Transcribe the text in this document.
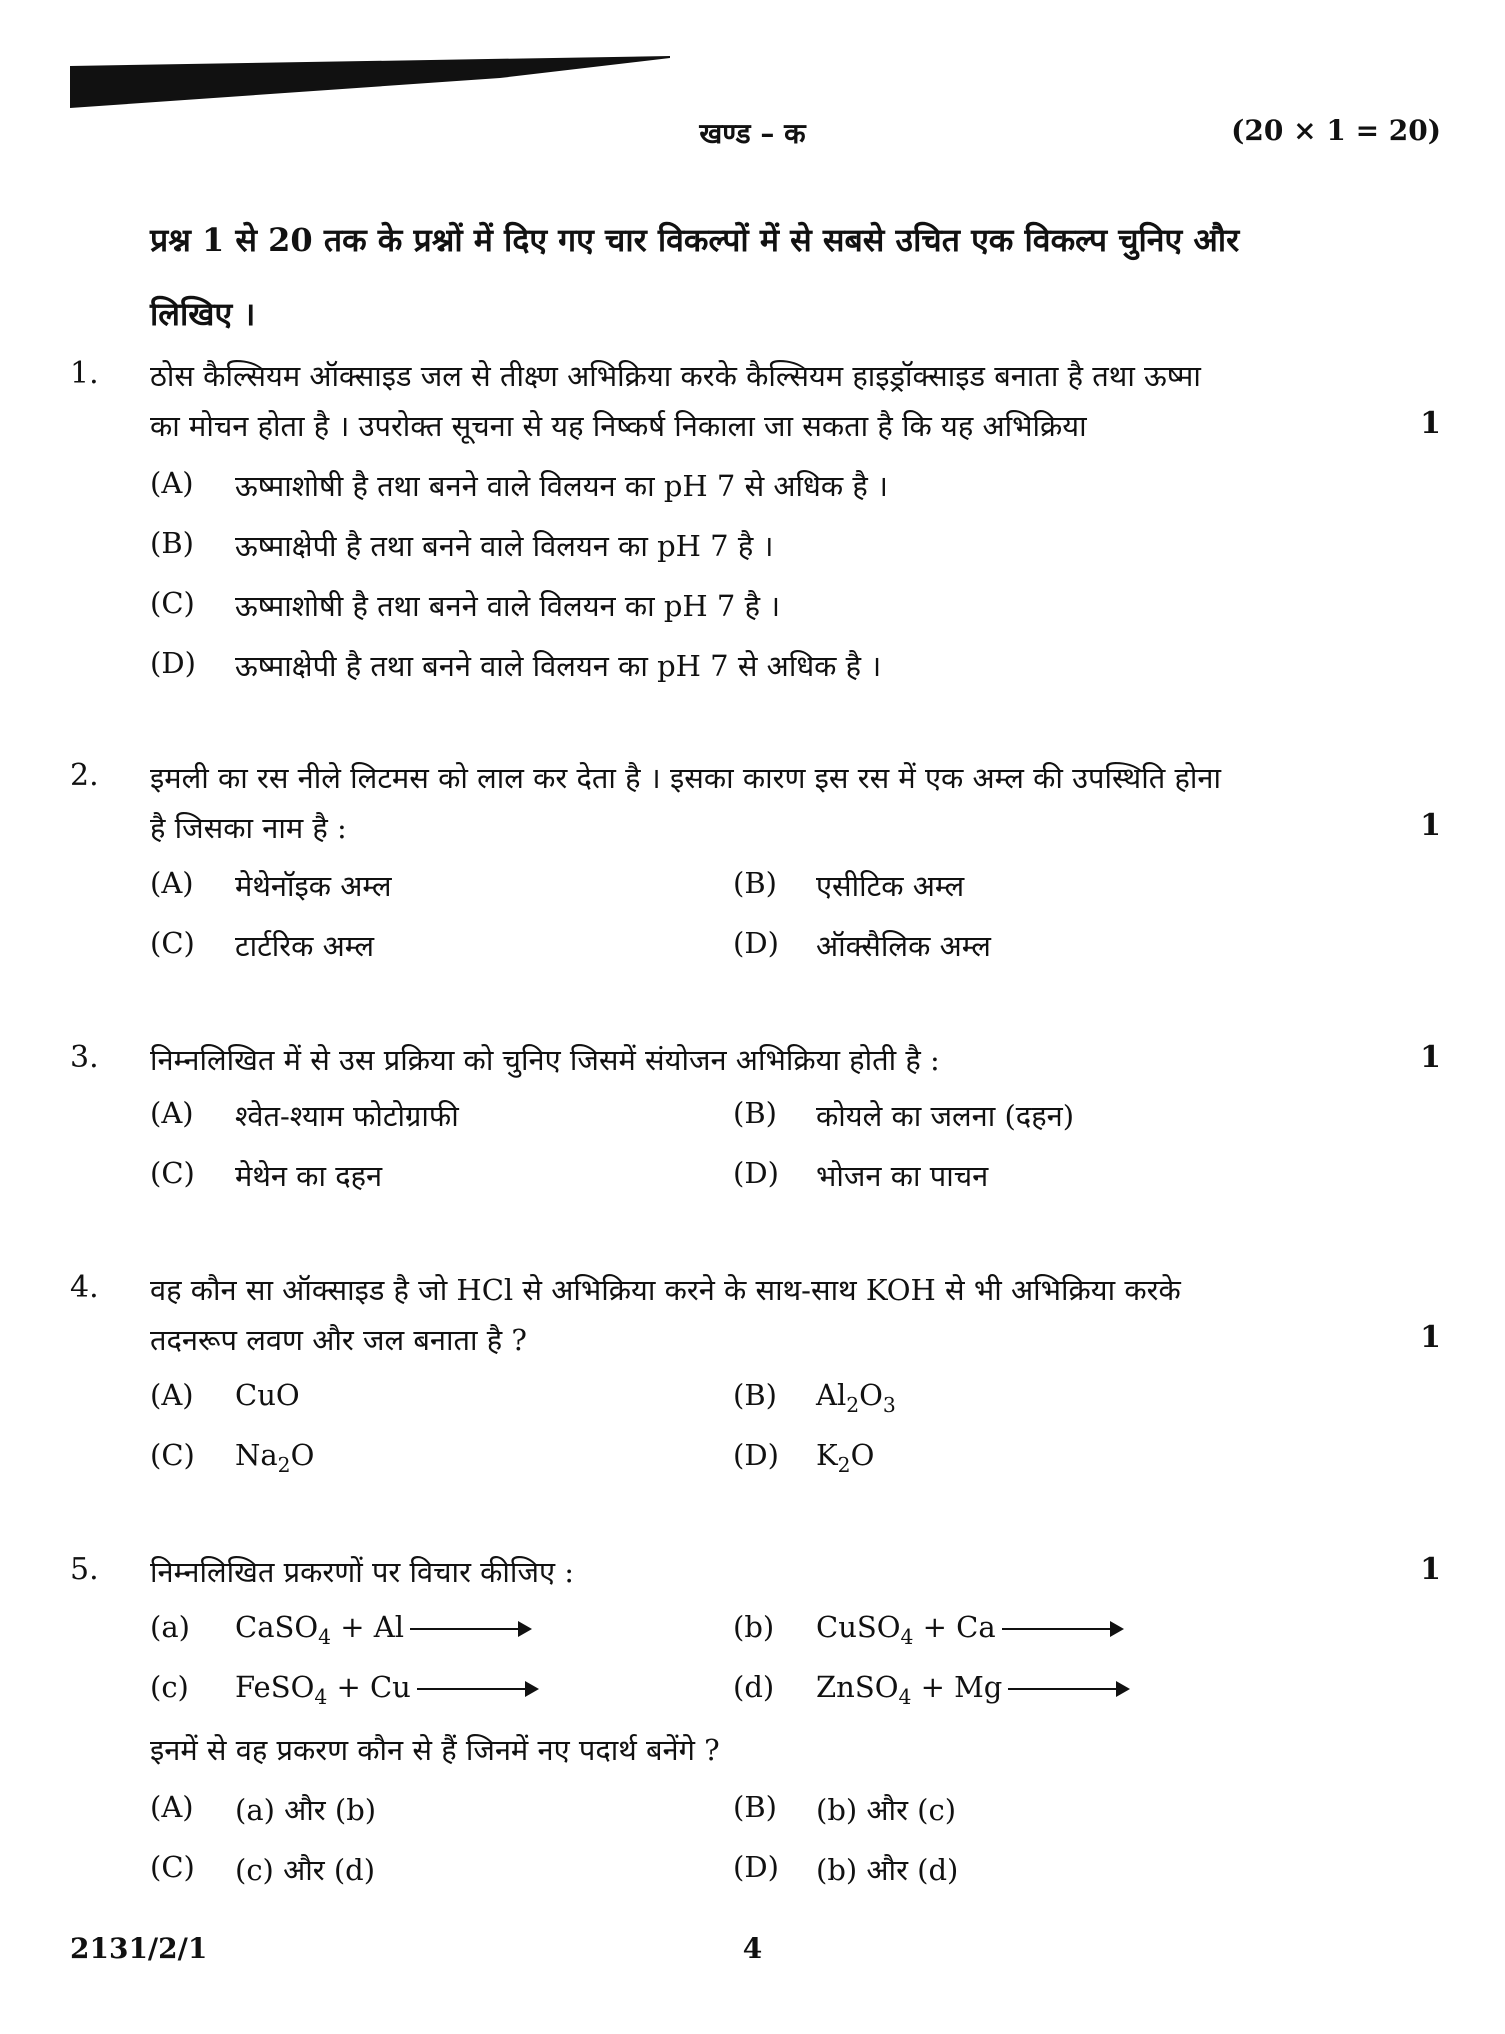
खण्ड – क	(20 × 1 = 20)
प्रश्न 1 से 20 तक के प्रश्नों में दिए गए चार विकल्पों में से सबसे उचित एक विकल्प चुनिए और
लिखिए ।
1. ठोस कैल्सियम ऑक्साइड जल से तीक्ष्ण अभिक्रिया करके कैल्सियम हाइड्रॉक्साइड बनाता है तथा ऊष्मा
का मोचन होता है । उपरोक्त सूचना से यह निष्कर्ष निकाला जा सकता है कि यह अभिक्रिया	1
(A) ऊष्माशोषी है तथा बनने वाले विलयन का pH 7 से अधिक है ।
(B) ऊष्माक्षेपी है तथा बनने वाले विलयन का pH 7 है ।
(C) ऊष्माशोषी है तथा बनने वाले विलयन का pH 7 है ।
(D) ऊष्माक्षेपी है तथा बनने वाले विलयन का pH 7 से अधिक है ।
2. इमली का रस नीले लिटमस को लाल कर देता है । इसका कारण इस रस में एक अम्ल की उपस्थिति होना
है जिसका नाम है :	1
(A) मेथेनॉइक अम्ल	(B) एसीटिक अम्ल
(C) टार्टरिक अम्ल	(D) ऑक्सैलिक अम्ल
3. निम्नलिखित में से उस प्रक्रिया को चुनिए जिसमें संयोजन अभिक्रिया होती है :	1
(A) श्वेत-श्याम फोटोग्राफी	(B) कोयले का जलना (दहन)
(C) मेथेन का दहन	(D) भोजन का पाचन
4. वह कौन सा ऑक्साइड है जो HCl से अभिक्रिया करने के साथ-साथ KOH से भी अभिक्रिया करके
तदनरूप लवण और जल बनाता है ?	1
(A) CuO	(B) $Al_2O_3$
(C) $Na_2O$	(D) $K_2O$
5. निम्नलिखित प्रकरणों पर विचार कीजिए :	1
(a) CaSO$_4$ + Al	(b) CuSO$_4$ + Ca
(c) FeSO$_4$ + Cu	(d) ZnSO$_4$ + Mg
इनमें से वह प्रकरण कौन से हैं जिनमें नए पदार्थ बनेंगे ?
(A) (a) और (b)	(B) (b) और (c)
(C) (c) और (d)	(D) (b) और (d)
2131/2/1	4
